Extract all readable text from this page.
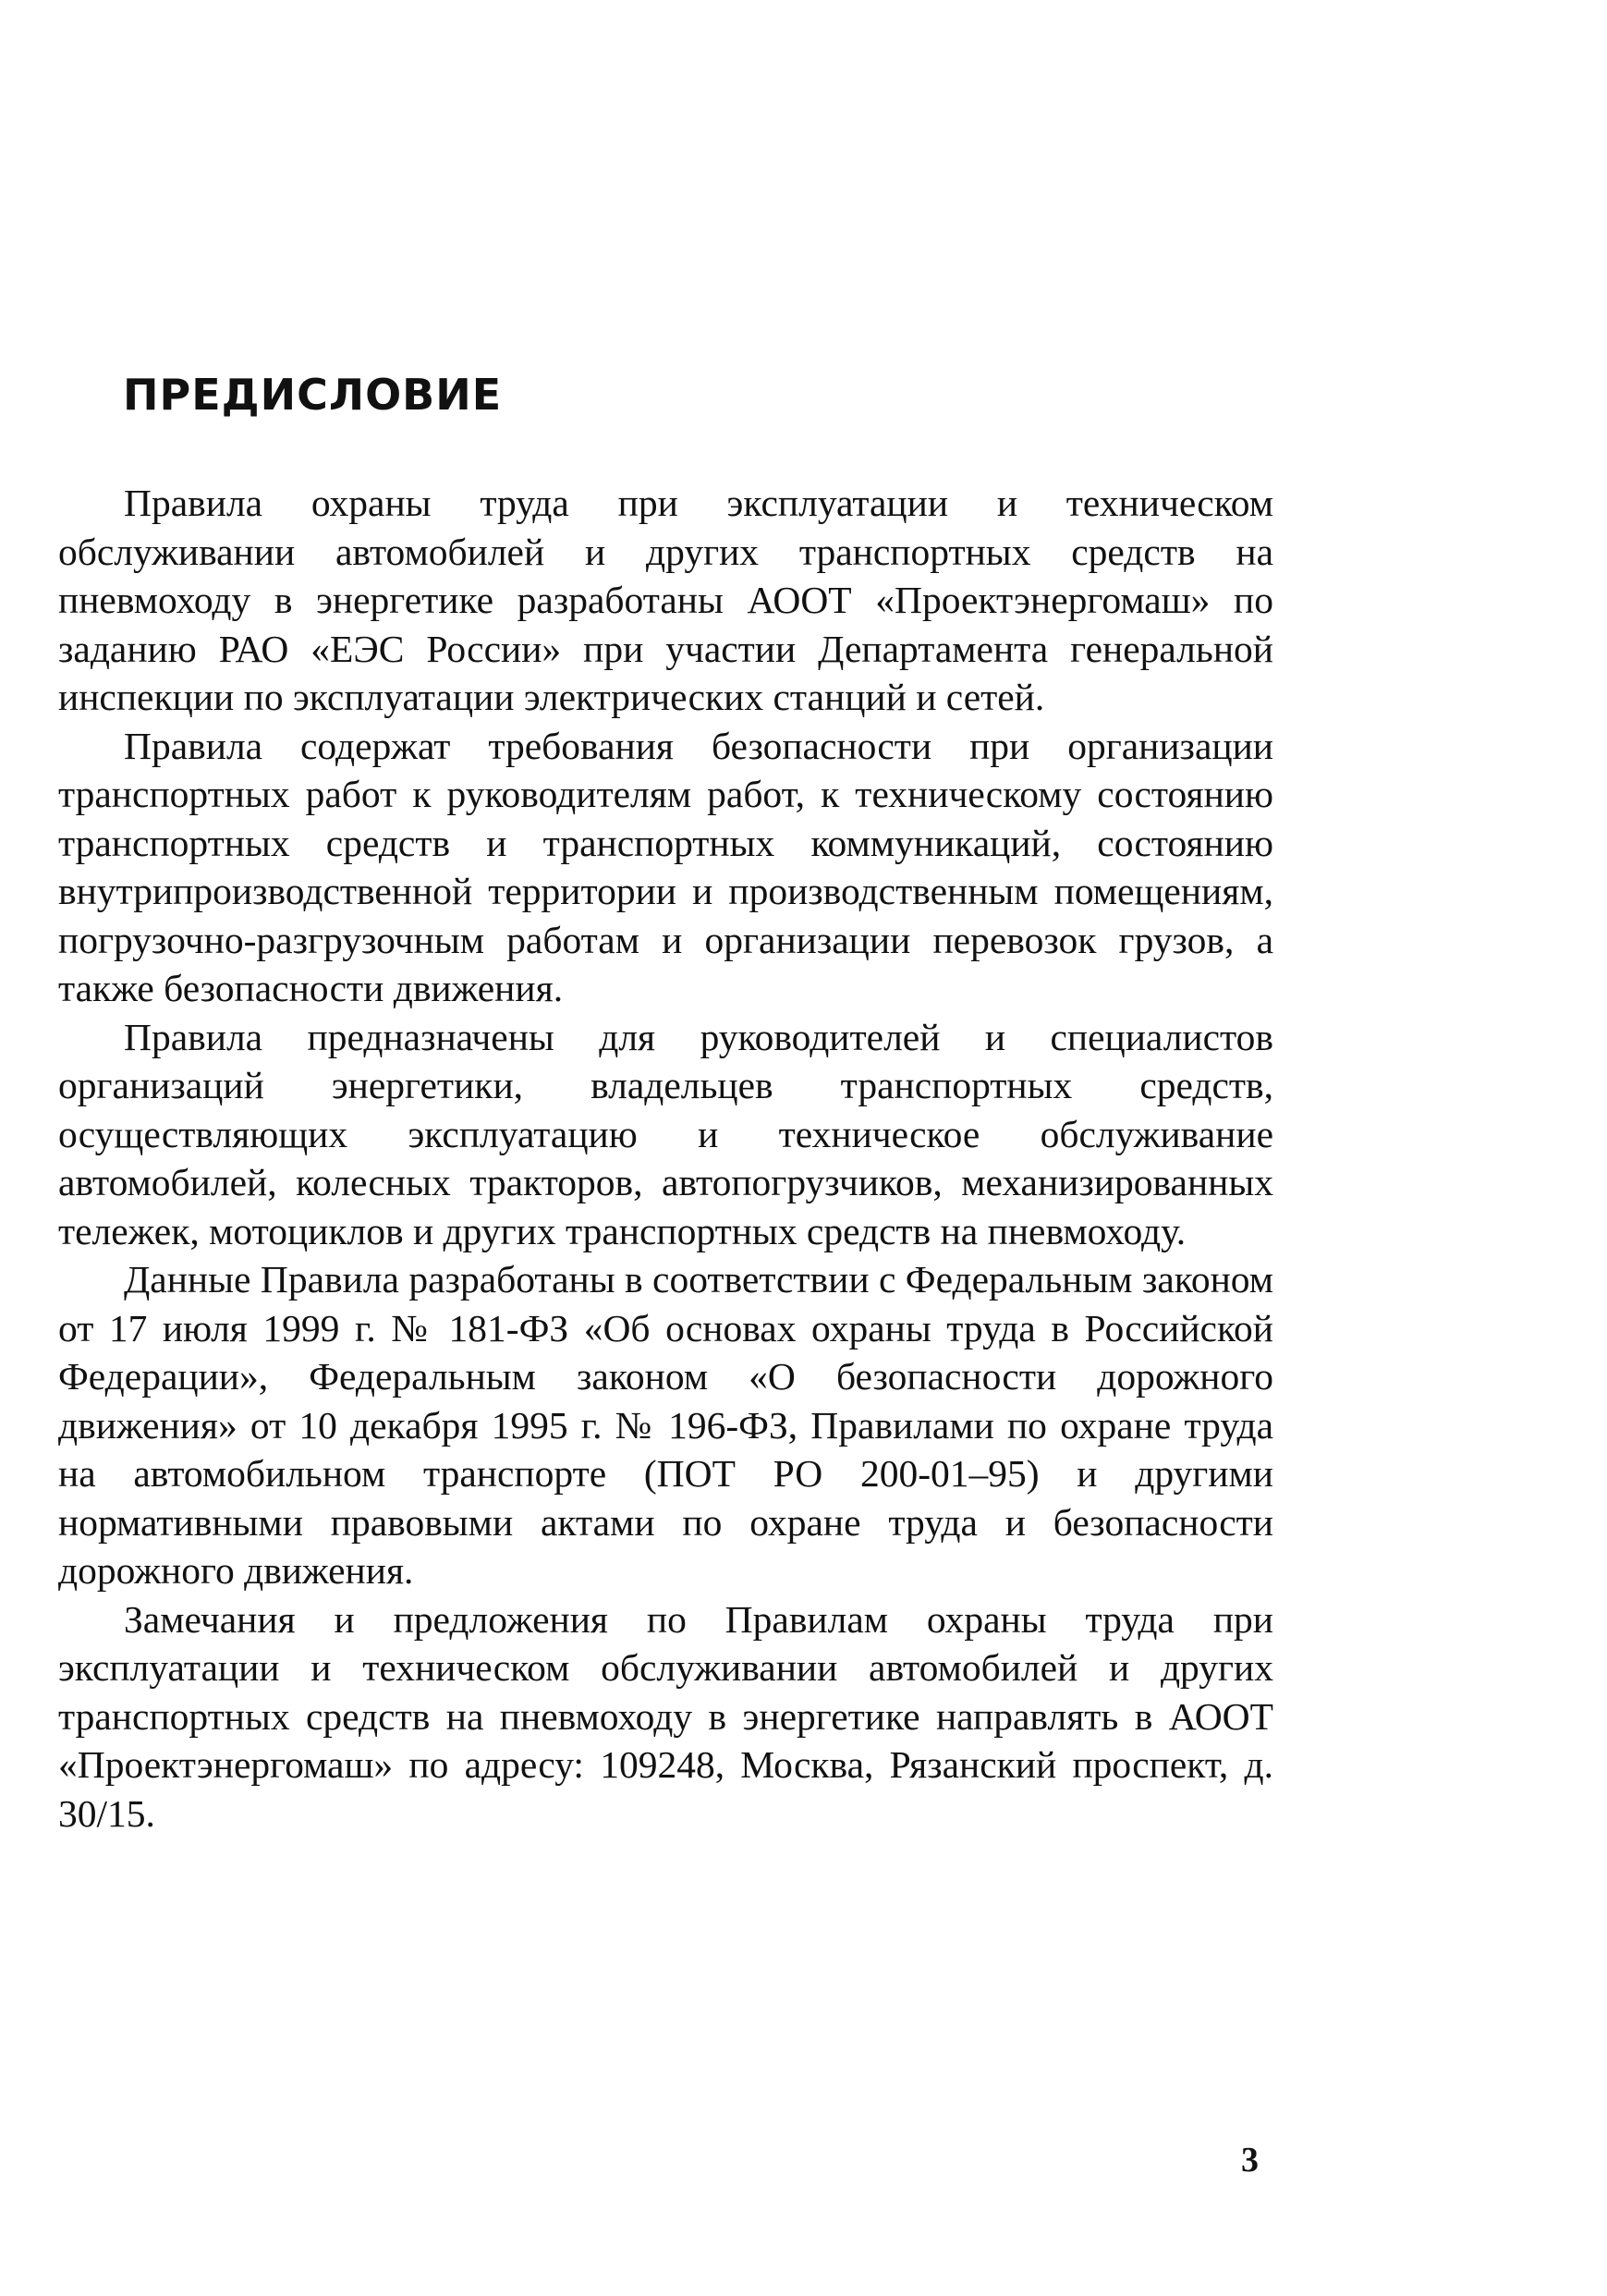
ПРЕДИСЛОВИЕ

Правила охраны труда при эксплуатации и техническом обслуживании автомобилей и других транспортных средств на пневмоходу в энергетике разработаны АООТ «Проектэнергомаш» по заданию РАО «ЕЭС России» при участии Департамента генеральной инспекции по эксплуатации электрических станций и сетей.

Правила содержат требования безопасности при организации транспортных работ к руководителям работ, к техническому состоянию транспортных средств и транспортных коммуникаций, состоянию внутрипроизводственной территории и производственным помещениям, погрузочно-разгрузочным работам и организации перевозок грузов, а также безопасности движения.

Правила предназначены для руководителей и специалистов организаций энергетики, владельцев транспортных средств, осуществляющих эксплуатацию и техническое обслуживание автомобилей, колесных тракторов, автопогрузчиков, механизированных тележек, мотоциклов и других транспортных средств на пневмоходу.

Данные Правила разработаны в соответствии с Федеральным законом от 17 июля 1999 г. № 181-ФЗ «Об основах охраны труда в Российской Федерации», Федеральным законом «О безопасности дорожного движения» от 10 декабря 1995 г. № 196-ФЗ, Правилами по охране труда на автомобильном транспорте (ПОТ РО 200-01–95) и другими нормативными правовыми актами по охране труда и безопасности дорожного движения.

Замечания и предложения по Правилам охраны труда при эксплуатации и техническом обслуживании автомобилей и других транспортных средств на пневмоходу в энергетике направлять в АООТ «Проектэнергомаш» по адресу: 109248, Москва, Рязанский проспект, д. 30/15.

3
